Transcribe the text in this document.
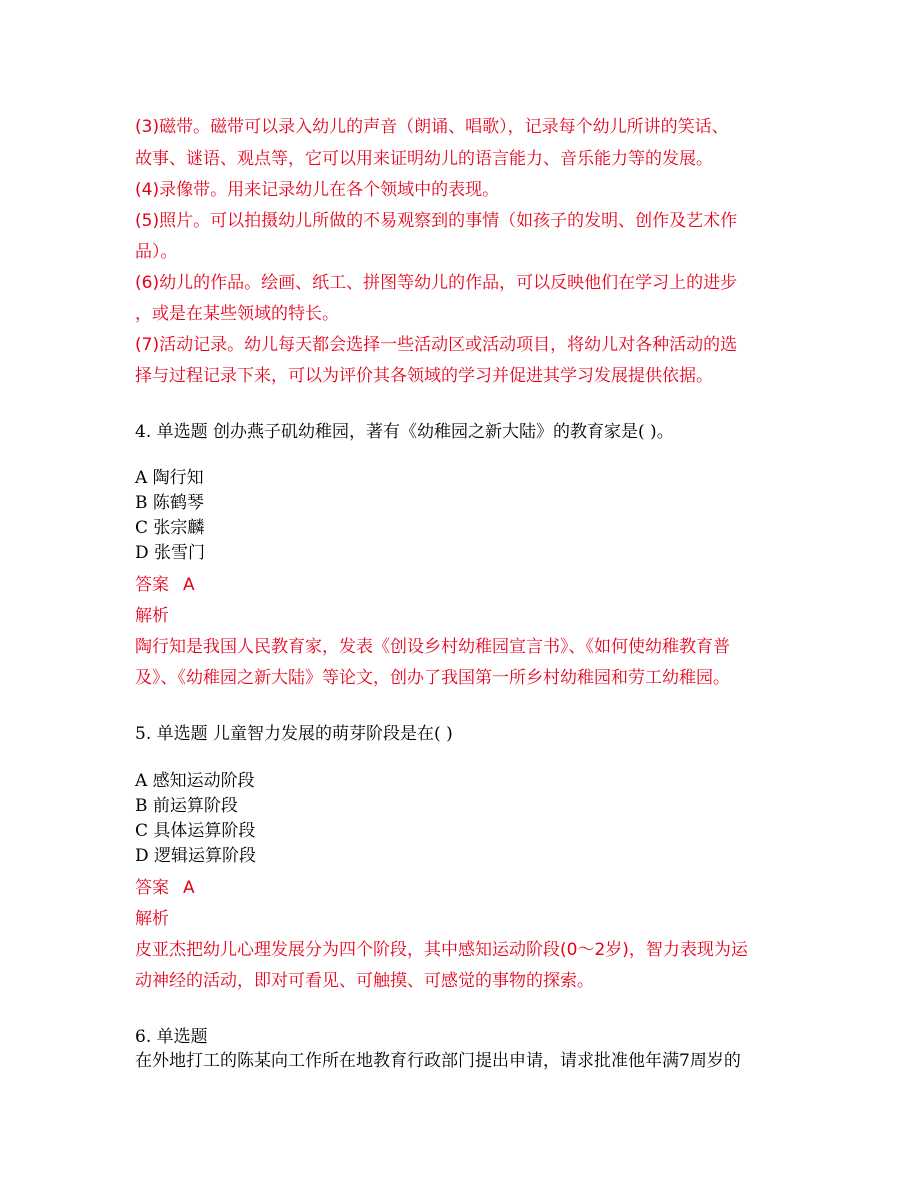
(3)磁带。磁带可以录入幼儿的声音（朗诵、唱歌），记录每个幼儿所讲的笑话、
故事、谜语、观点等，它可以用来证明幼儿的语言能力、音乐能力等的发展。
(4)录像带。用来记录幼儿在各个领域中的表现。
(5)照片。可以拍摄幼儿所做的不易观察到的事情（如孩子的发明、创作及艺术作
品）。
(6)幼儿的作品。绘画、纸工、拼图等幼儿的作品，可以反映他们在学习上的进步
，或是在某些领域的特长。
(7)活动记录。幼儿每天都会选择一些活动区或活动项目，将幼儿对各种活动的选
择与过程记录下来，可以为评价其各领域的学习并促进其学习发展提供依据。
4. 单选题 创办燕子矶幼稚园，著有《幼稚园之新大陆》的教育家是( )。
A 陶行知
B 陈鹤琴
C 张宗麟
D 张雪门
答案 A
解析
陶行知是我国人民教育家，发表《创设乡村幼稚园宣言书》、《如何使幼稚教育普
及》、《幼稚园之新大陆》等论文，创办了我国第一所乡村幼稚园和劳工幼稚园。
5. 单选题 儿童智力发展的萌芽阶段是在( )
A 感知运动阶段
B 前运算阶段
C 具体运算阶段
D 逻辑运算阶段
答案 A
解析
皮亚杰把幼儿心理发展分为四个阶段，其中感知运动阶段(0～2岁)，智力表现为运
动神经的活动，即对可看见、可触摸、可感觉的事物的探索。
6. 单选题
在外地打工的陈某向工作所在地教育行政部门提出申请，请求批准他年满7周岁的
